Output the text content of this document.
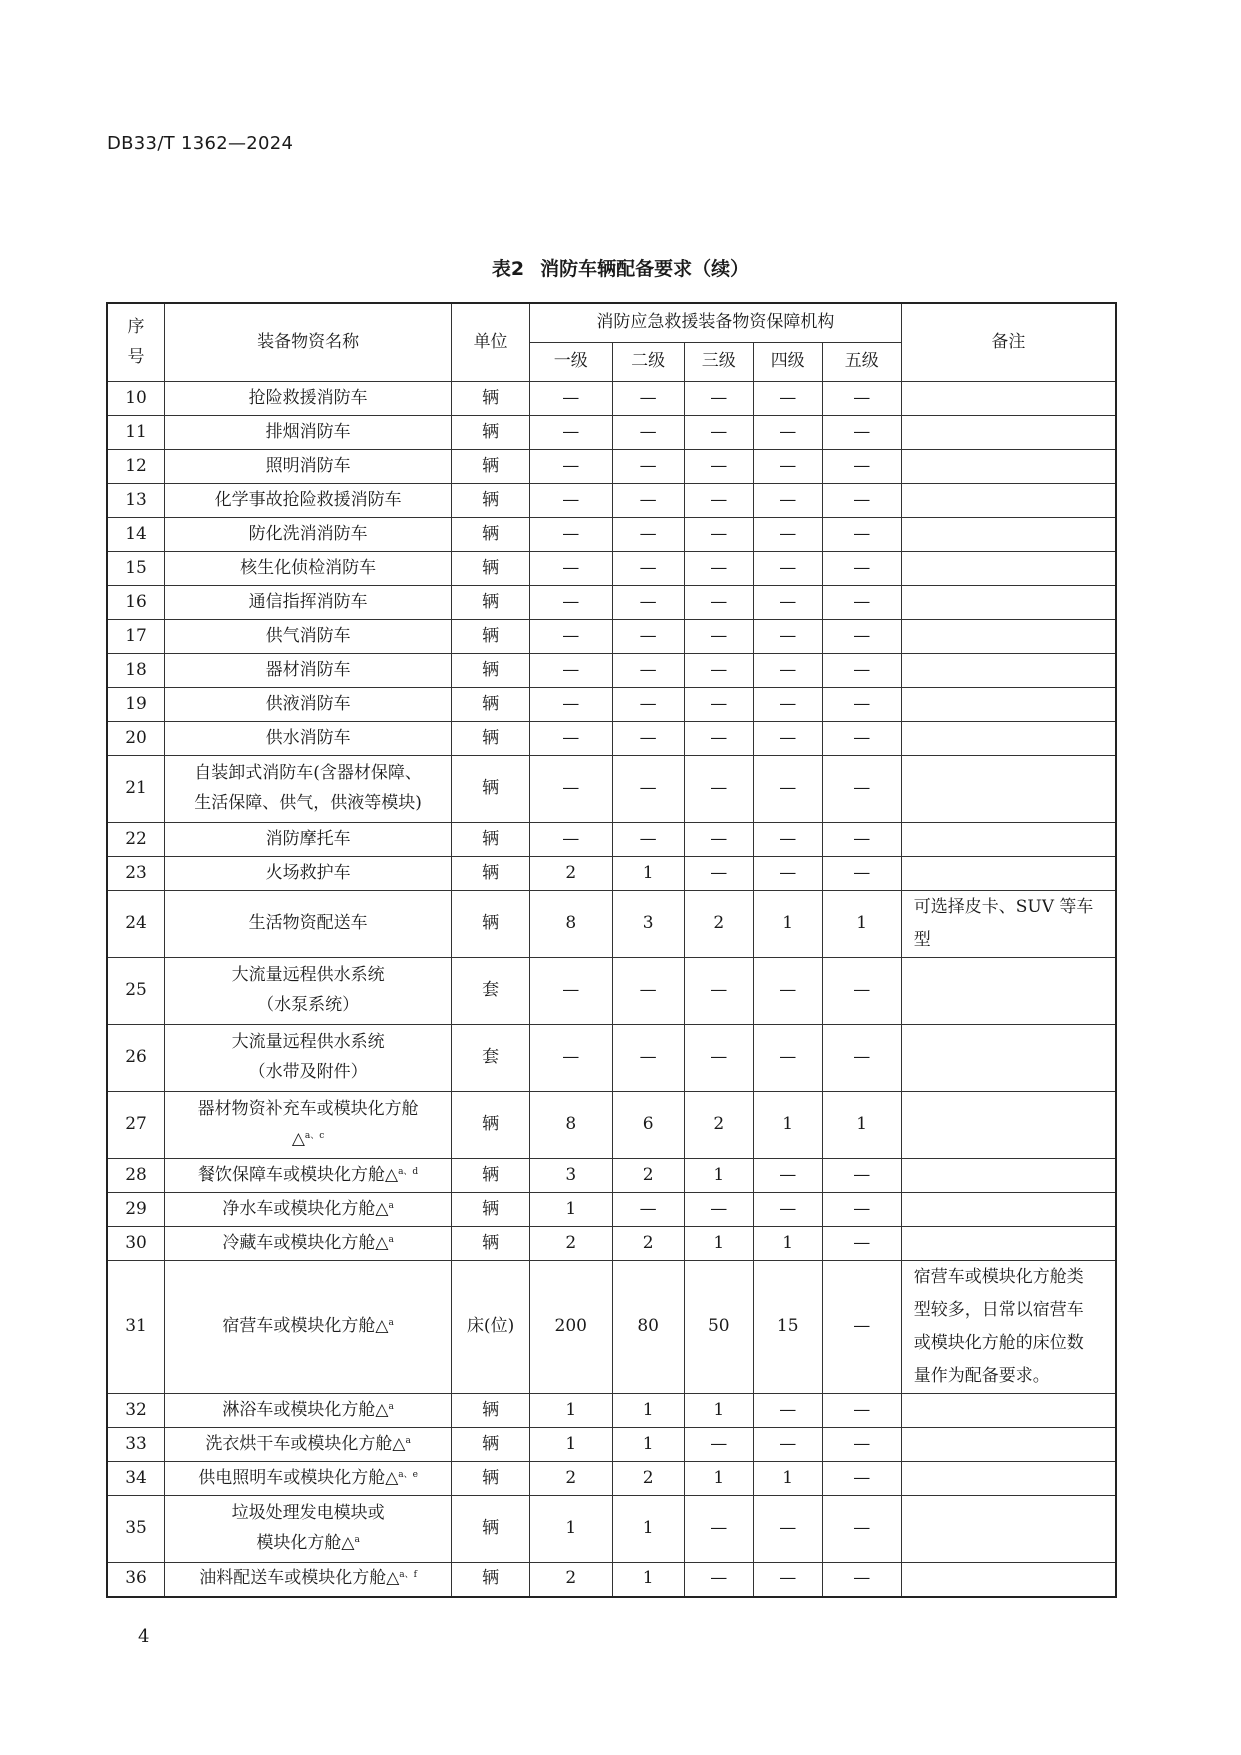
DB33/T 1362—2024
表2 消防车辆配备要求（续）
序
号	装备物资名称	单位	消防应急救援装备物资保障机构					备注
			一级	二级	三级	四级	五级	
10	抢险救援消防车	辆	—	—	—	—	—	
11	排烟消防车	辆	—	—	—	—	—	
12	照明消防车	辆	—	—	—	—	—	
13	化学事故抢险救援消防车	辆	—	—	—	—	—	
14	防化洗消消防车	辆	—	—	—	—	—	
15	核生化侦检消防车	辆	—	—	—	—	—	
16	通信指挥消防车	辆	—	—	—	—	—	
17	供气消防车	辆	—	—	—	—	—	
18	器材消防车	辆	—	—	—	—	—	
19	供液消防车	辆	—	—	—	—	—	
20	供水消防车	辆	—	—	—	—	—	
21	自装卸式消防车(含器材保障、
生活保障、供气，供液等模块)	辆	—	—	—	—	—	
22	消防摩托车	辆	—	—	—	—	—	
23	火场救护车	辆	2	1	—	—	—	
24	生活物资配送车	辆	8	3	2	1	1	可选择皮卡、SUV 等车
型
25	大流量远程供水系统
（水泵系统）	套	—	—	—	—	—	
26	大流量远程供水系统
（水带及附件）	套	—	—	—	—	—	
27	器材物资补充车或模块化方舱
△$^{a、c}$	辆	8	6	2	1	1	
28	餐饮保障车或模块化方舱△$^{a、d}$	辆	3	2	1	—	—	
29	净水车或模块化方舱△$^a$	辆	1	—	—	—	—	
30	冷藏车或模块化方舱△$^a$	辆	2	2	1	1	—	
31	宿营车或模块化方舱△$^a$	床(位)	200	80	50	15	—	宿营车或模块化方舱类
型较多，日常以宿营车
或模块化方舱的床位数
量作为配备要求。
32	淋浴车或模块化方舱△$^a$	辆	1	1	1	—	—	
33	洗衣烘干车或模块化方舱△$^a$	辆	1	1	—	—	—	
34	供电照明车或模块化方舱△$^{a、e}$	辆	2	2	1	1	—	
35	垃圾处理发电模块或
模块化方舱△$^a$	辆	1	1	—	—	—	
36	油料配送车或模块化方舱△$^{a、f}$	辆	2	1	—	—	—	
4
